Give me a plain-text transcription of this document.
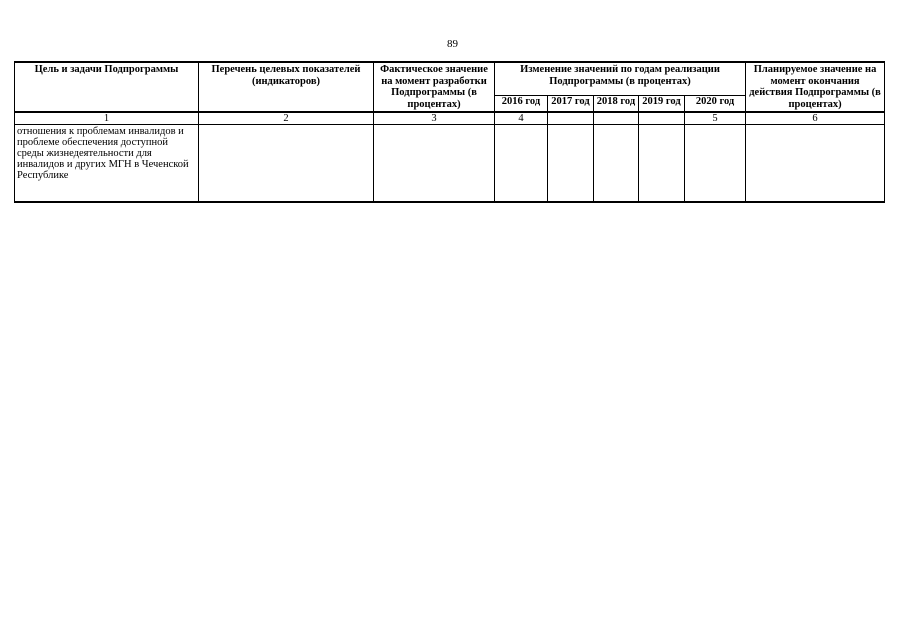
89
Цель и задачи Подпрограммы	Перечень целевых показателей (индикаторов)	Фактическое значение на момент разработки Подпрограммы (в процентах)	Изменение значений по годам реализации Подпрограммы (в процентах)					Планируемое значение на момент окончания действия Подпрограммы (в процентах)
			2016 год	2017 год	2018 год	2019 год	2020 год	
1	2	3	4				5	6
отношения к проблемам инвалидов и проблеме обеспечения доступной среды жизнедеятельности для инвалидов и других МГН в Чеченской Республике								
